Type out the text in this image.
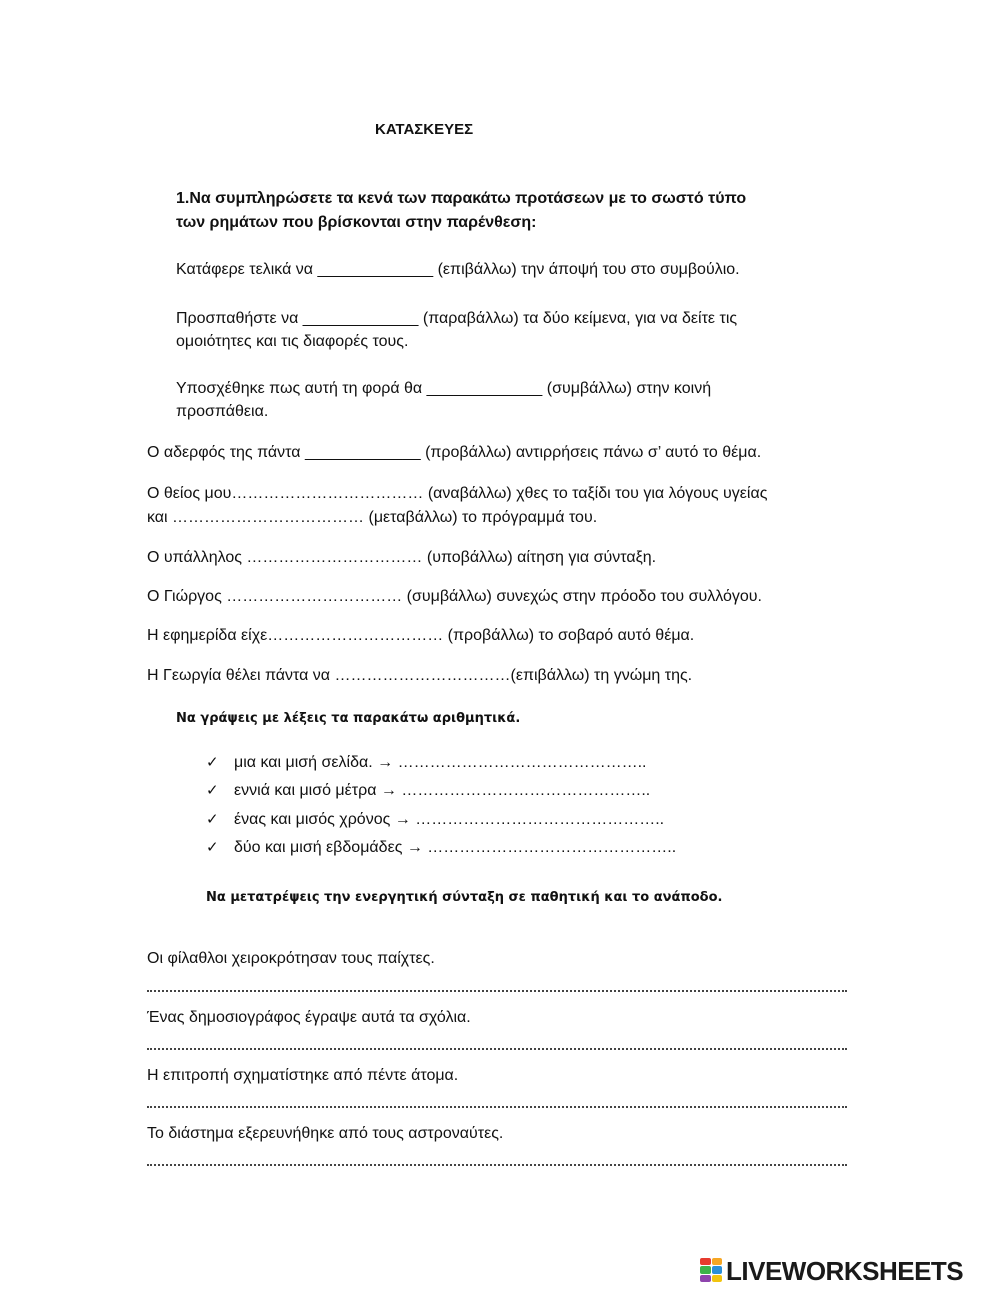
ΚΑΤΑΣΚΕΥΕΣ
1.Να συμπληρώσετε τα κενά των παρακάτω προτάσεων με το σωστό τύπο
των ρημάτων που βρίσκονται στην παρένθεση:
Κατάφερε τελικά να _____________ (επιβάλλω) την άποψή του στο συμβούλιο.
Προσπαθήστε να _____________ (παραβάλλω) τα δύο κείμενα, για να δείτε τις
ομοιότητες και τις διαφορές τους.
Υποσχέθηκε πως αυτή τη φορά θα _____________ (συμβάλλω) στην κοινή
προσπάθεια.
Ο αδερφός της πάντα _____________ (προβάλλω) αντιρρήσεις πάνω σ’ αυτό το θέμα.
Ο θείος μου……………………………… (αναβάλλω) χθες το ταξίδι του για λόγους υγείας
και ……………………………… (μεταβάλλω) το πρόγραμμά του.
Ο υπάλληλος …………………………… (υποβάλλω) αίτηση για σύνταξη.
Ο Γιώργος …………………………… (συμβάλλω) συνεχώς στην πρόοδο του συλλόγου.
Η εφημερίδα είχε…………………………… (προβάλλω) το σοβαρό αυτό θέμα.
Η Γεωργία θέλει πάντα να ……………………………(επιβάλλω) τη γνώμη της.
Να γράψεις με λέξεις τα παρακάτω αριθμητικά.
✓ μια και μισή σελίδα. → ………………………………………..
✓ εννιά και μισό μέτρα → ………………………………………..
✓ ένας και μισός χρόνος → ………………………………………..
✓ δύο και μισή εβδομάδες → ………………………………………..
Να μετατρέψεις την ενεργητική σύνταξη σε παθητική και το ανάποδο.
Οι φίλαθλοι χειροκρότησαν τους παίχτες.
Ένας δημοσιογράφος έγραψε αυτά τα σχόλια.
Η επιτροπή σχηματίστηκε από πέντε άτομα.
Το διάστημα εξερευνήθηκε από τους αστροναύτες.
LIVEWORKSHEETS
